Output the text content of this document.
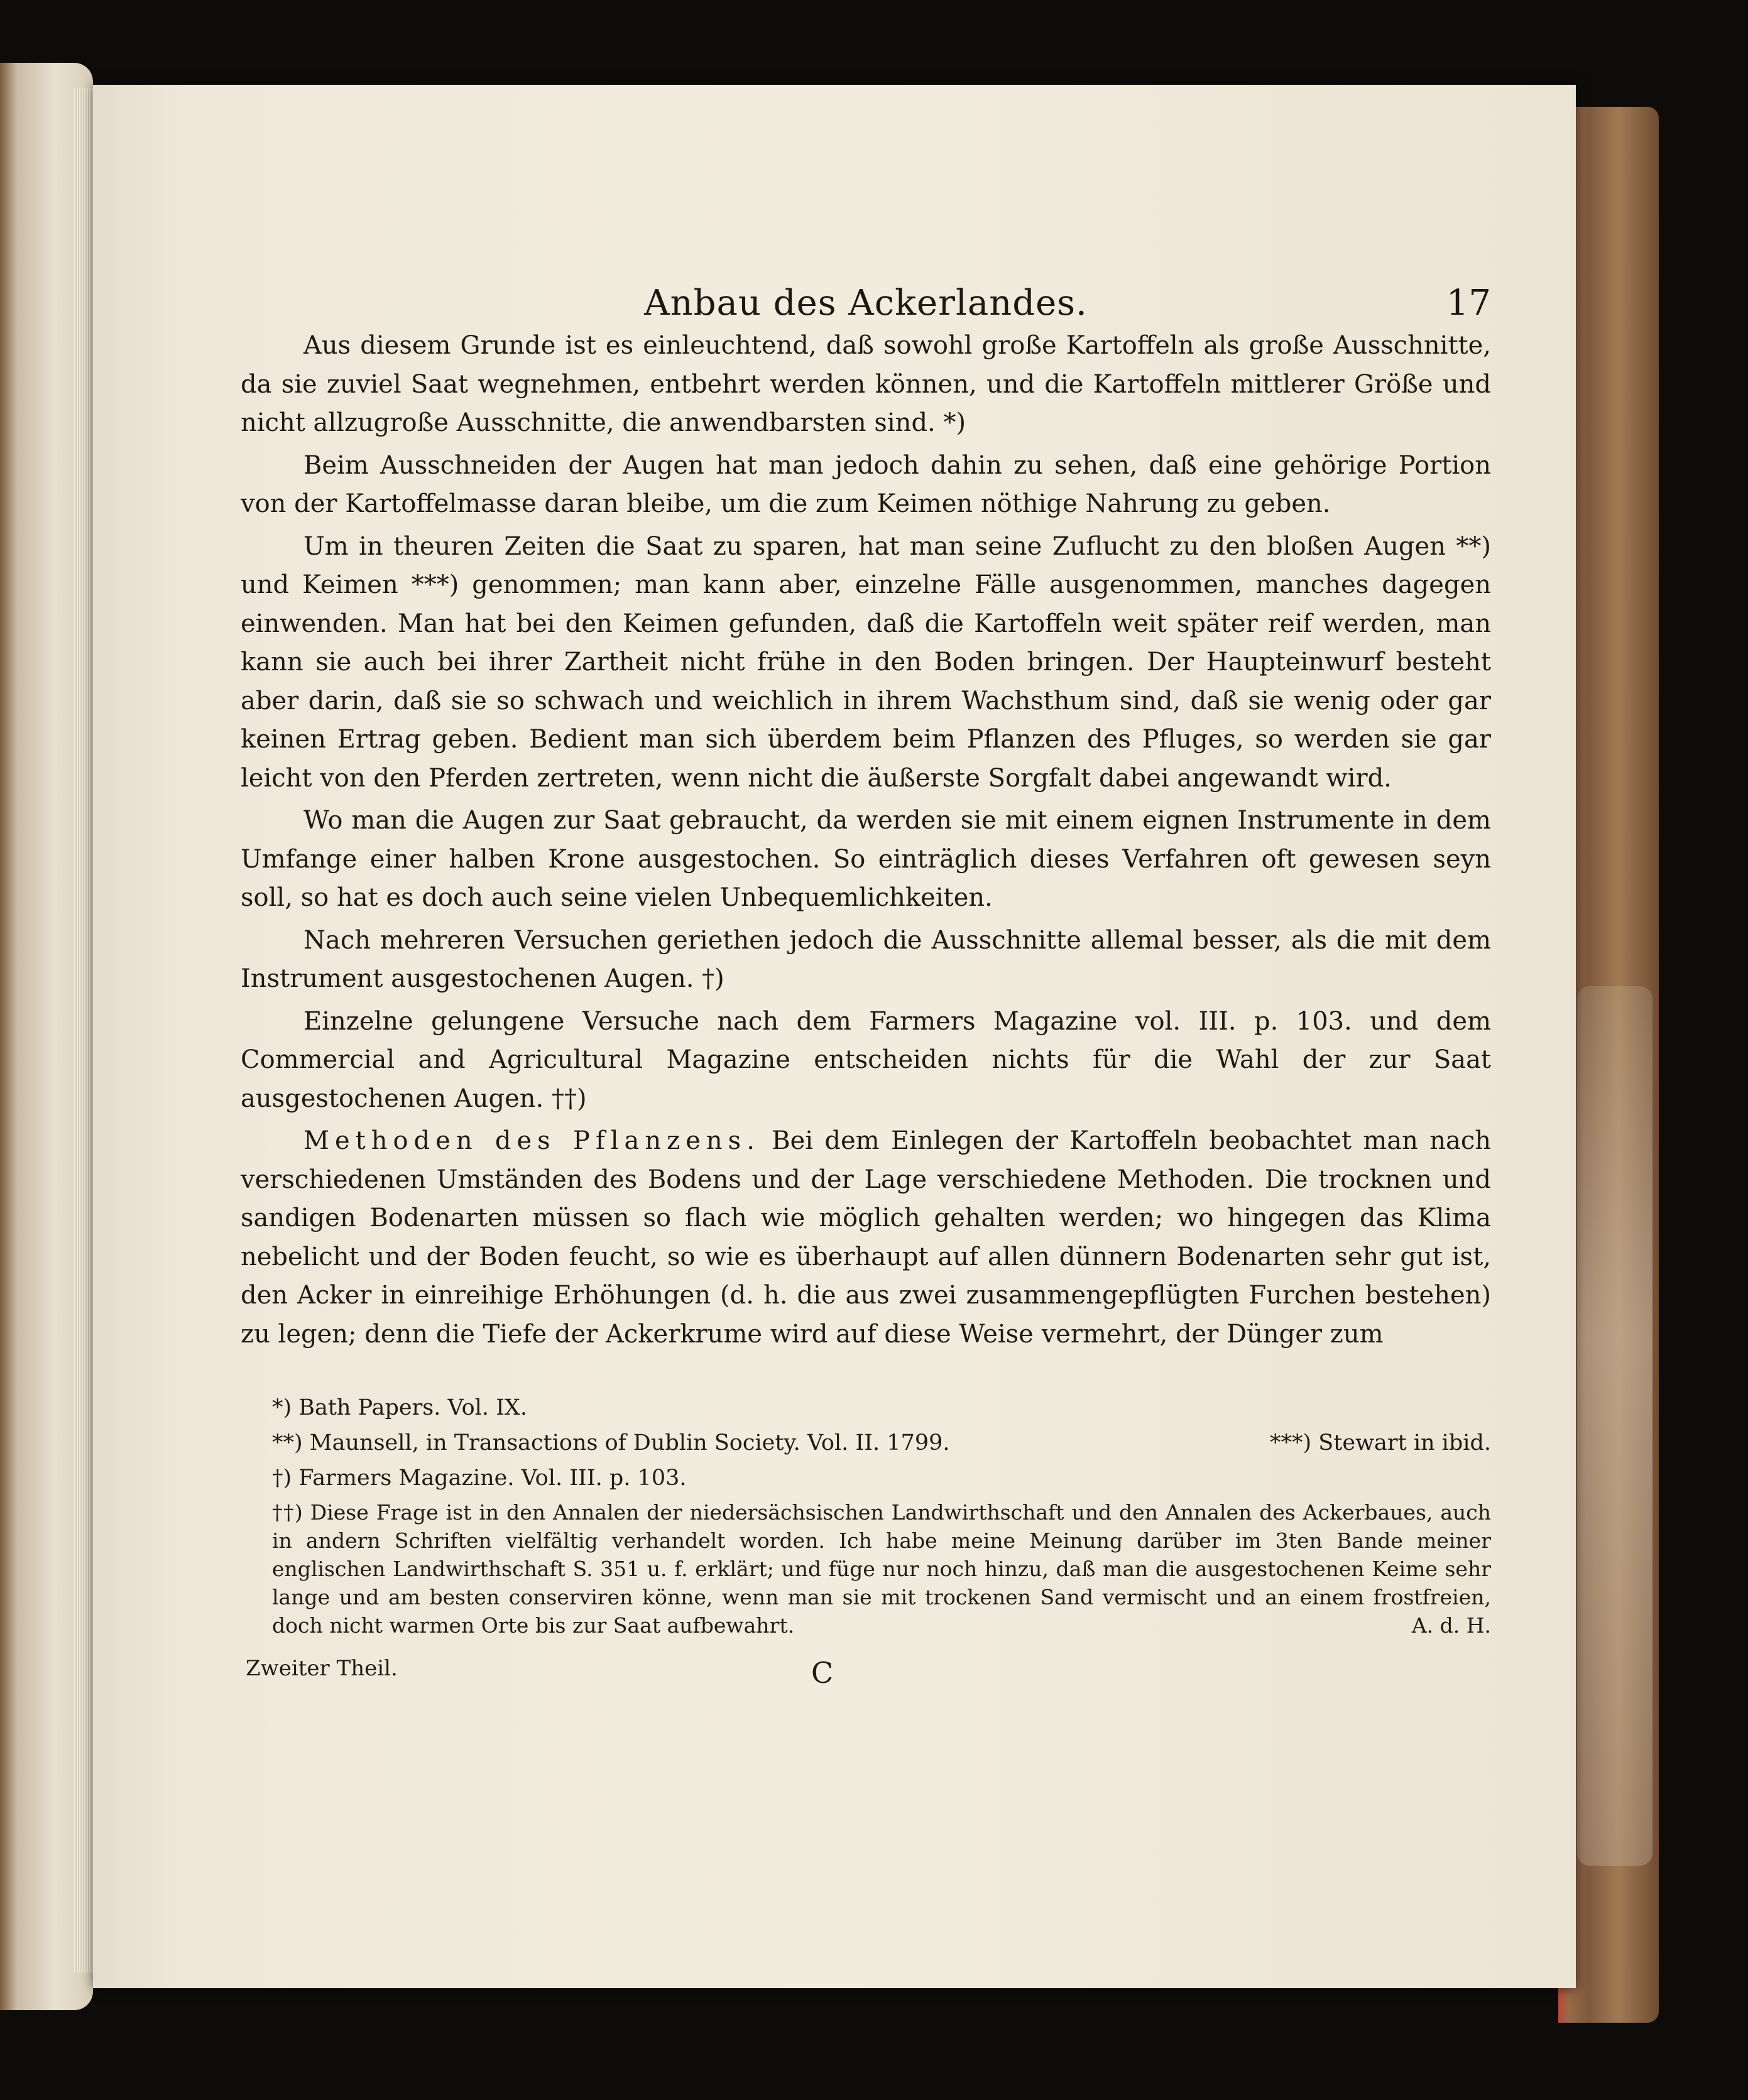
Anbau des Ackerlandes.	17

Aus diesem Grunde ist es einleuchtend, daß sowohl große Kartoffeln als große Ausschnitte, da sie zuviel Saat wegnehmen, entbehrt werden können, und die Kartoffeln mittlerer Größe und nicht allzugroße Ausschnitte, die anwendbarsten sind. *)

Beim Ausschneiden der Augen hat man jedoch dahin zu sehen, daß eine gehörige Portion von der Kartoffelmasse daran bleibe, um die zum Keimen nöthige Nahrung zu geben.

Um in theuren Zeiten die Saat zu sparen, hat man seine Zuflucht zu den bloßen Augen **) und Keimen ***) genommen; man kann aber, einzelne Fälle ausgenommen, manches dagegen einwenden. Man hat bei den Keimen gefunden, daß die Kartoffeln weit später reif werden, man kann sie auch bei ihrer Zartheit nicht frühe in den Boden bringen. Der Haupteinwurf besteht aber darin, daß sie so schwach und weichlich in ihrem Wachsthum sind, daß sie wenig oder gar keinen Ertrag geben. Bedient man sich überdem beim Pflanzen des Pfluges, so werden sie gar leicht von den Pferden zertreten, wenn nicht die äußerste Sorgfalt dabei angewandt wird.

Wo man die Augen zur Saat gebraucht, da werden sie mit einem eignen Instrumente in dem Umfange einer halben Krone ausgestochen. So einträglich dieses Verfahren oft gewesen seyn soll, so hat es doch auch seine vielen Unbequemlichkeiten.

Nach mehreren Versuchen geriethen jedoch die Ausschnitte allemal besser, als die mit dem Instrument ausgestochenen Augen. †)

Einzelne gelungene Versuche nach dem Farmers Magazine vol. III. p. 103. und dem Commercial and Agricultural Magazine entscheiden nichts für die Wahl der zur Saat ausgestochenen Augen. ††)

Methoden des Pflanzens. Bei dem Einlegen der Kartoffeln beobachtet man nach verschiedenen Umständen des Bodens und der Lage verschiedene Methoden. Die trocknen und sandigen Bodenarten müssen so flach wie möglich gehalten werden; wo hingegen das Klima nebelicht und der Boden feucht, so wie es überhaupt auf allen dünnern Bodenarten sehr gut ist, den Acker in einreihige Erhöhungen (d. h. die aus zwei zusammengepflügten Furchen bestehen) zu legen; denn die Tiefe der Ackerkrume wird auf diese Weise vermehrt, der Dünger zum

*) Bath Papers. Vol. IX.
**) Maunsell, in Transactions of Dublin Society. Vol. II. 1799.	***) Stewart in ibid.
†) Farmers Magazine. Vol. III. p. 103.
††) Diese Frage ist in den Annalen der niedersächsischen Landwirthschaft und den Annalen des Ackerbaues, auch in andern Schriften vielfältig verhandelt worden. Ich habe meine Meinung darüber im 3ten Bande meiner englischen Landwirthschaft S. 351 u. f. erklärt; und füge nur noch hinzu, daß man die ausgestochenen Keime sehr lange und am besten conserviren könne, wenn man sie mit trockenen Sand vermischt und an einem frostfreien, doch nicht warmen Orte bis zur Saat aufbewahrt.	A. d. H.
Zweiter Theil.	C
